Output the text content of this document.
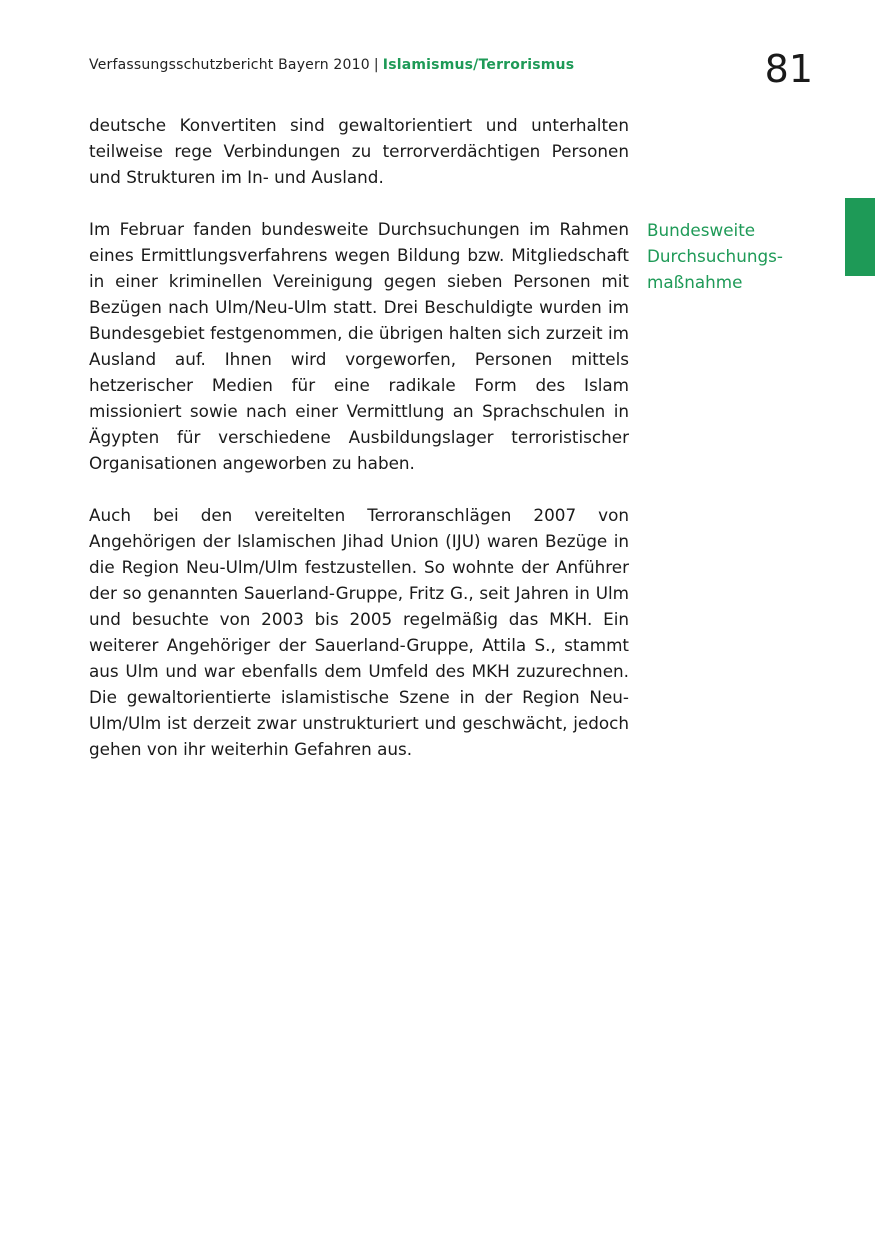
Verfassungsschutzbericht Bayern 2010 | Islamismus/Terrorismus	81

deutsche Konvertiten sind gewaltorientiert und unterhalten teilweise rege Verbindungen zu terrorverdächtigen Personen und Strukturen im In- und Ausland.

Im Februar fanden bundesweite Durchsuchungen im Rahmen eines Ermittlungsverfahrens wegen Bildung bzw. Mitgliedschaft in einer kriminellen Vereinigung gegen sieben Personen mit Bezügen nach Ulm/Neu-Ulm statt. Drei Beschuldigte wurden im Bundesgebiet festgenommen, die übrigen halten sich zurzeit im Ausland auf. Ihnen wird vorgeworfen, Personen mittels hetzerischer Medien für eine radikale Form des Islam missioniert sowie nach einer Vermittlung an Sprachschulen in Ägypten für verschiedene Ausbildungslager terroristischer Organisationen angeworben zu haben.

Auch bei den vereitelten Terroranschlägen 2007 von Angehörigen der Islamischen Jihad Union (IJU) waren Bezüge in die Region Neu-Ulm/Ulm festzustellen. So wohnte der Anführer der so genannten Sauerland-Gruppe, Fritz G., seit Jahren in Ulm und besuchte von 2003 bis 2005 regelmäßig das MKH. Ein weiterer Angehöriger der Sauerland-Gruppe, Attila S., stammt aus Ulm und war ebenfalls dem Umfeld des MKH zuzurechnen. Die gewaltorientierte islamistische Szene in der Region Neu-Ulm/Ulm ist derzeit zwar unstrukturiert und geschwächt, jedoch gehen von ihr weiterhin Gefahren aus.

Bundesweite
Durchsuchungs-
maßnahme
